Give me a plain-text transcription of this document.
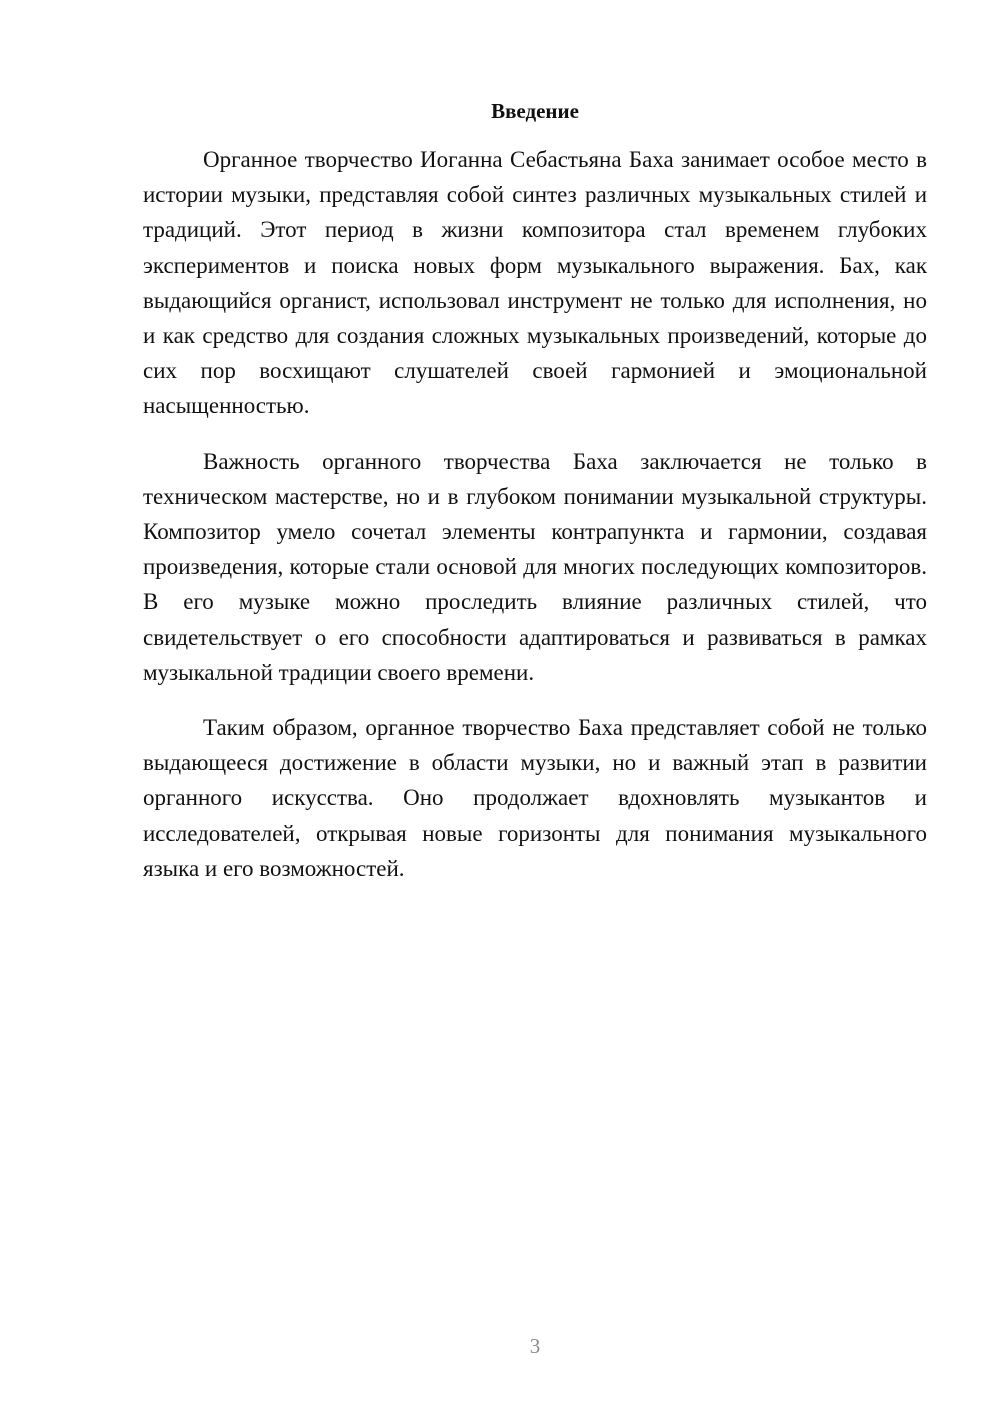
Введение

Органное творчество Иоганна Себастьяна Баха занимает особое место в истории музыки, представляя собой синтез различных музыкальных стилей и традиций. Этот период в жизни композитора стал временем глубоких экспериментов и поиска новых форм музыкального выражения. Бах, как выдающийся органист, использовал инструмент не только для исполнения, но и как средство для создания сложных музыкальных произведений, которые до сих пор восхищают слушателей своей гармонией и эмоциональной насыщенностью.

Важность органного творчества Баха заключается не только в техническом мастерстве, но и в глубоком понимании музыкальной структуры. Композитор умело сочетал элементы контрапункта и гармонии, создавая произведения, которые стали основой для многих последующих композиторов. В его музыке можно проследить влияние различных стилей, что свидетельствует о его способности адаптироваться и развиваться в рамках музыкальной традиции своего времени.

Таким образом, органное творчество Баха представляет собой не только выдающееся достижение в области музыки, но и важный этап в развитии органного искусства. Оно продолжает вдохновлять музыкантов и исследователей, открывая новые горизонты для понимания музыкального языка и его возможностей.

3
